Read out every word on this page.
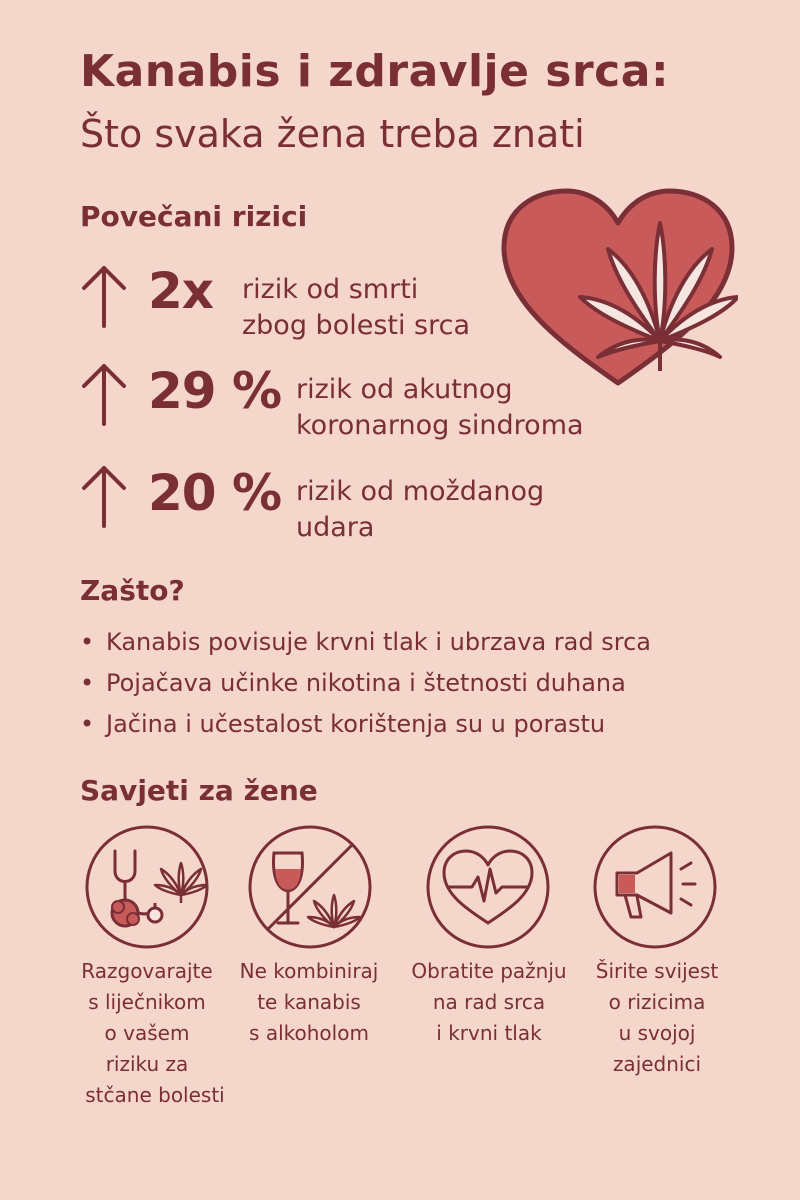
Kanabis i zdravlje srca:
Što svaka žena treba znati
Povečani rizici
2x rizik od smrti
zbog bolesti srca
29 % rizik od akutnog
koronarnog sindroma
20 % rizik od moždanog
udara
Zašto?
• Kanabis povisuje krvni tlak i ubrzava rad srca
• Pojačava učinke nikotina i štetnosti duhana
• Jačina i učestalost korištenja su u porastu
Savjeti za žene
Razgovarajte
s liječnikom
o vašem
riziku za
stčane bolesti
Ne kombiniraj
te kanabis
s alkoholom
Obratite pažnju
na rad srca
i krvni tlak
Širite svijest
o rizicima
u svojoj
zajednici
